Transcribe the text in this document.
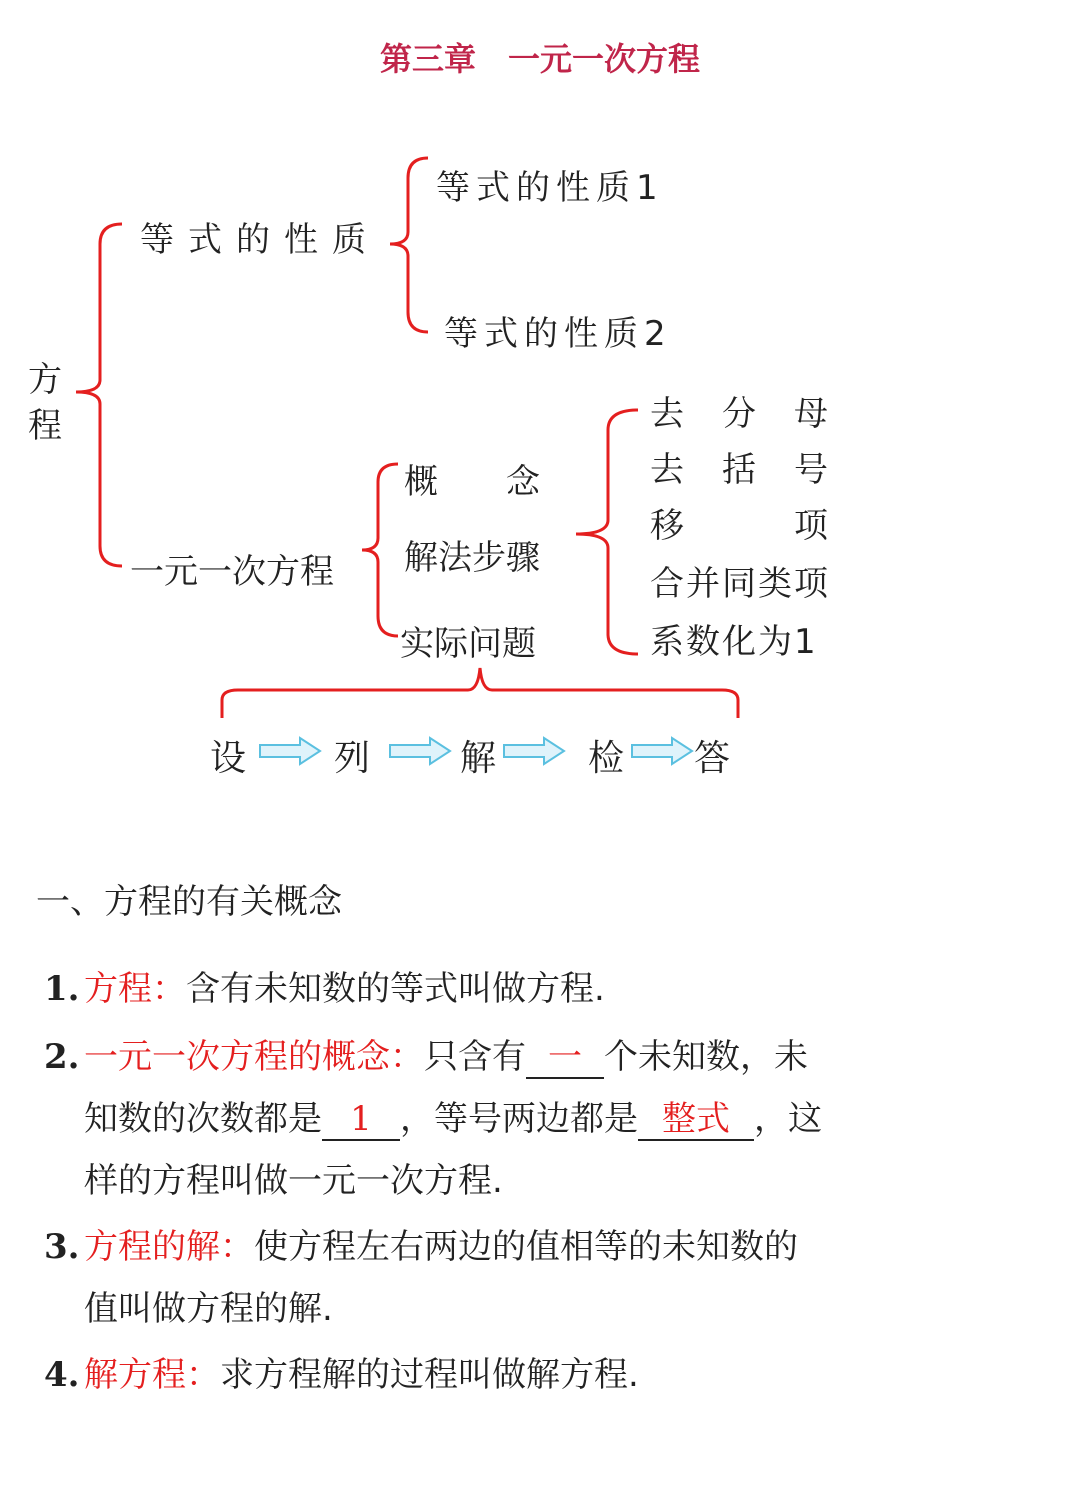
第三章　一元一次方程
方
程
等式的性质
等式的性质1
等式的性质2
一元一次方程
概　　念
解法步骤
实际问题
去　分　母
去　括　号
移　　　项
合并同类项
系数化为1
设 列 解	检 答
一、方程的有关概念
1. 方程：含有未知数的等式叫做方程.
2. 一元一次方程的概念：只含有 一 个未知数，未
知数的次数都是 1 ，等号两边都是 整式 ，这
样的方程叫做一元一次方程.
3. 方程的解：使方程左右两边的值相等的未知数的
值叫做方程的解.
4. 解方程：求方程解的过程叫做解方程.
